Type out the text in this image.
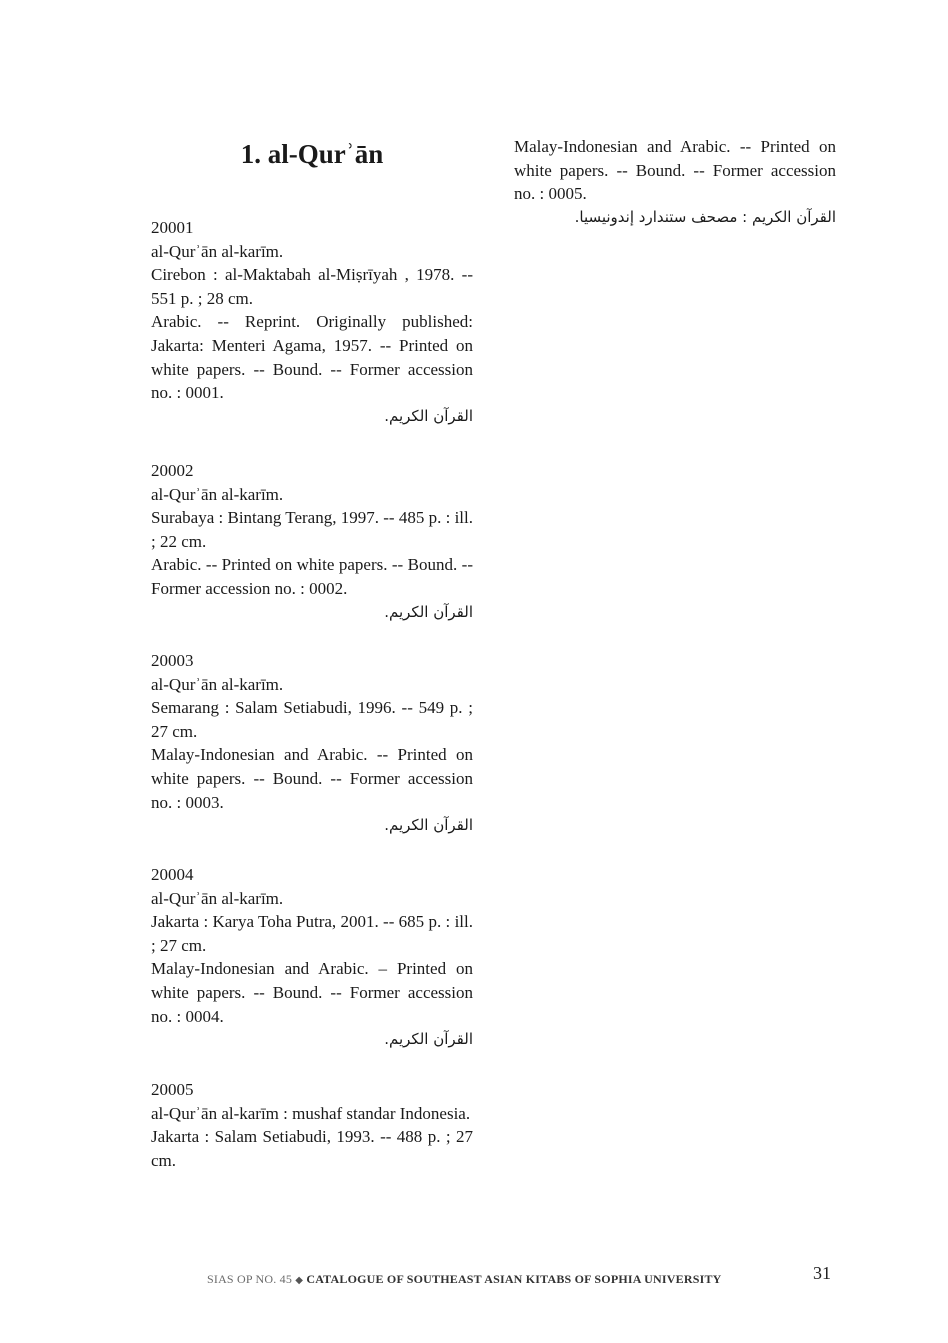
1. al-Qurʾān
20001
al-Qurʾān al-karīm.
Cirebon : al-Maktabah al-Miṣrīyah , 1978. -- 551 p. ; 28 cm.
Arabic. -- Reprint. Originally published: Jakarta: Menteri Agama, 1957. -- Printed on white papers. -- Bound. -- Former accession no. : 0001.
القرآن الكريم.
20002
al-Qurʾān al-karīm.
Surabaya : Bintang Terang, 1997. -- 485 p. : ill. ; 22 cm.
Arabic. -- Printed on white papers. -- Bound. -- Former accession no. : 0002.
القرآن الكريم.
20003
al-Qurʾān al-karīm.
Semarang : Salam Setiabudi, 1996. -- 549 p. ; 27 cm.
Malay-Indonesian and Arabic. -- Printed on white papers. -- Bound. -- Former accession no. : 0003.
القرآن الكريم.
20004
al-Qurʾān al-karīm.
Jakarta : Karya Toha Putra, 2001. -- 685 p. : ill. ; 27 cm.
Malay-Indonesian and Arabic. – Printed on white papers. -- Bound. -- Former accession no. : 0004.
القرآن الكريم.
20005
al-Qurʾān al-karīm : mushaf standar Indonesia.
Jakarta : Salam Setiabudi, 1993. -- 488 p. ; 27 cm.
Malay-Indonesian and Arabic. -- Printed on white papers. -- Bound. -- Former accession no. : 0005.
القرآن الكريم : مصحف ستندارد إندونيسيا.
SIAS OP NO. 45 ◆ CATALOGUE OF SOUTHEAST ASIAN KITABS OF SOPHIA UNIVERSITY	31
